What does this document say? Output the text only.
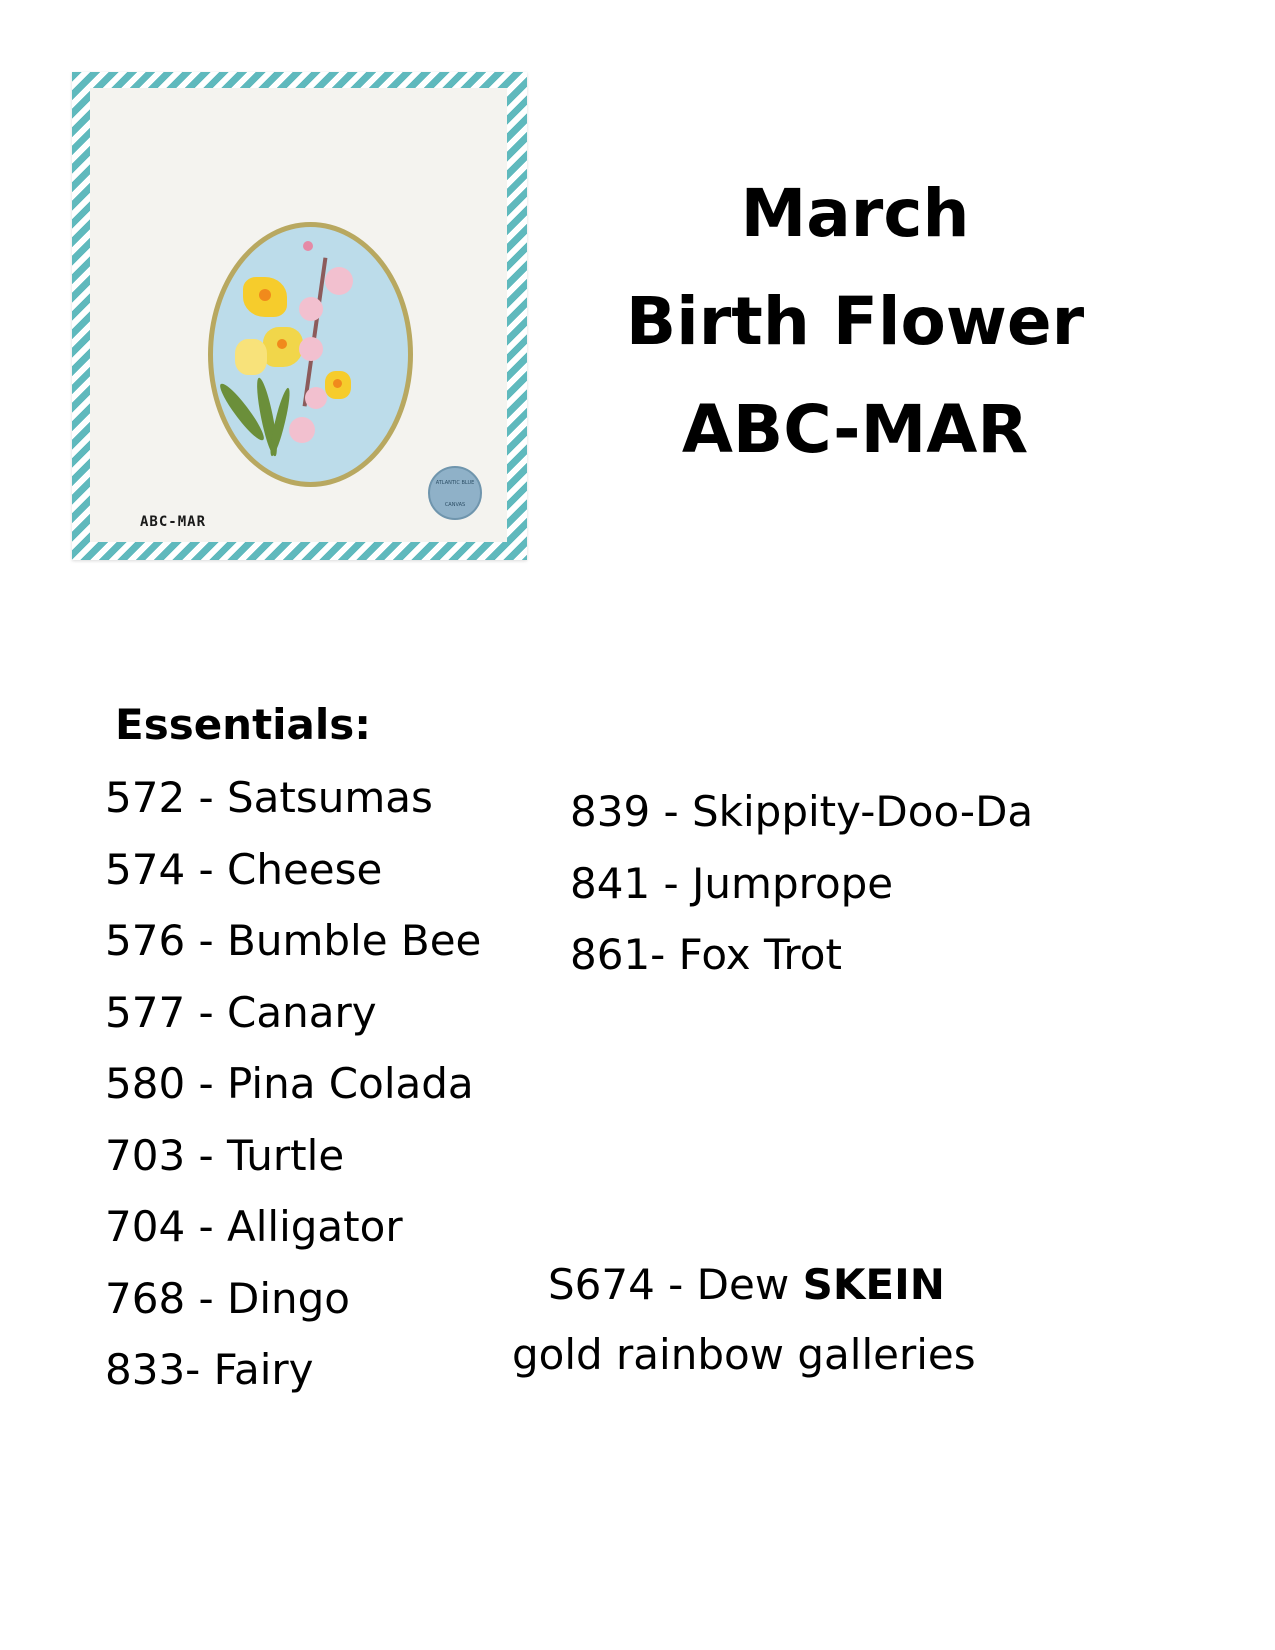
ABC-MAR
ATLANTIC BLUE
CANVAS
March
Birth Flower
ABC-MAR
Essentials:
572 - Satsumas
574 - Cheese
576 - Bumble Bee
577 - Canary
580 - Pina Colada
703 - Turtle
704 - Alligator
768 - Dingo
833- Fairy
839 - Skippity-Doo-Da
841 - Jumprope
861- Fox Trot
S674 - Dew SKEIN
gold rainbow galleries
